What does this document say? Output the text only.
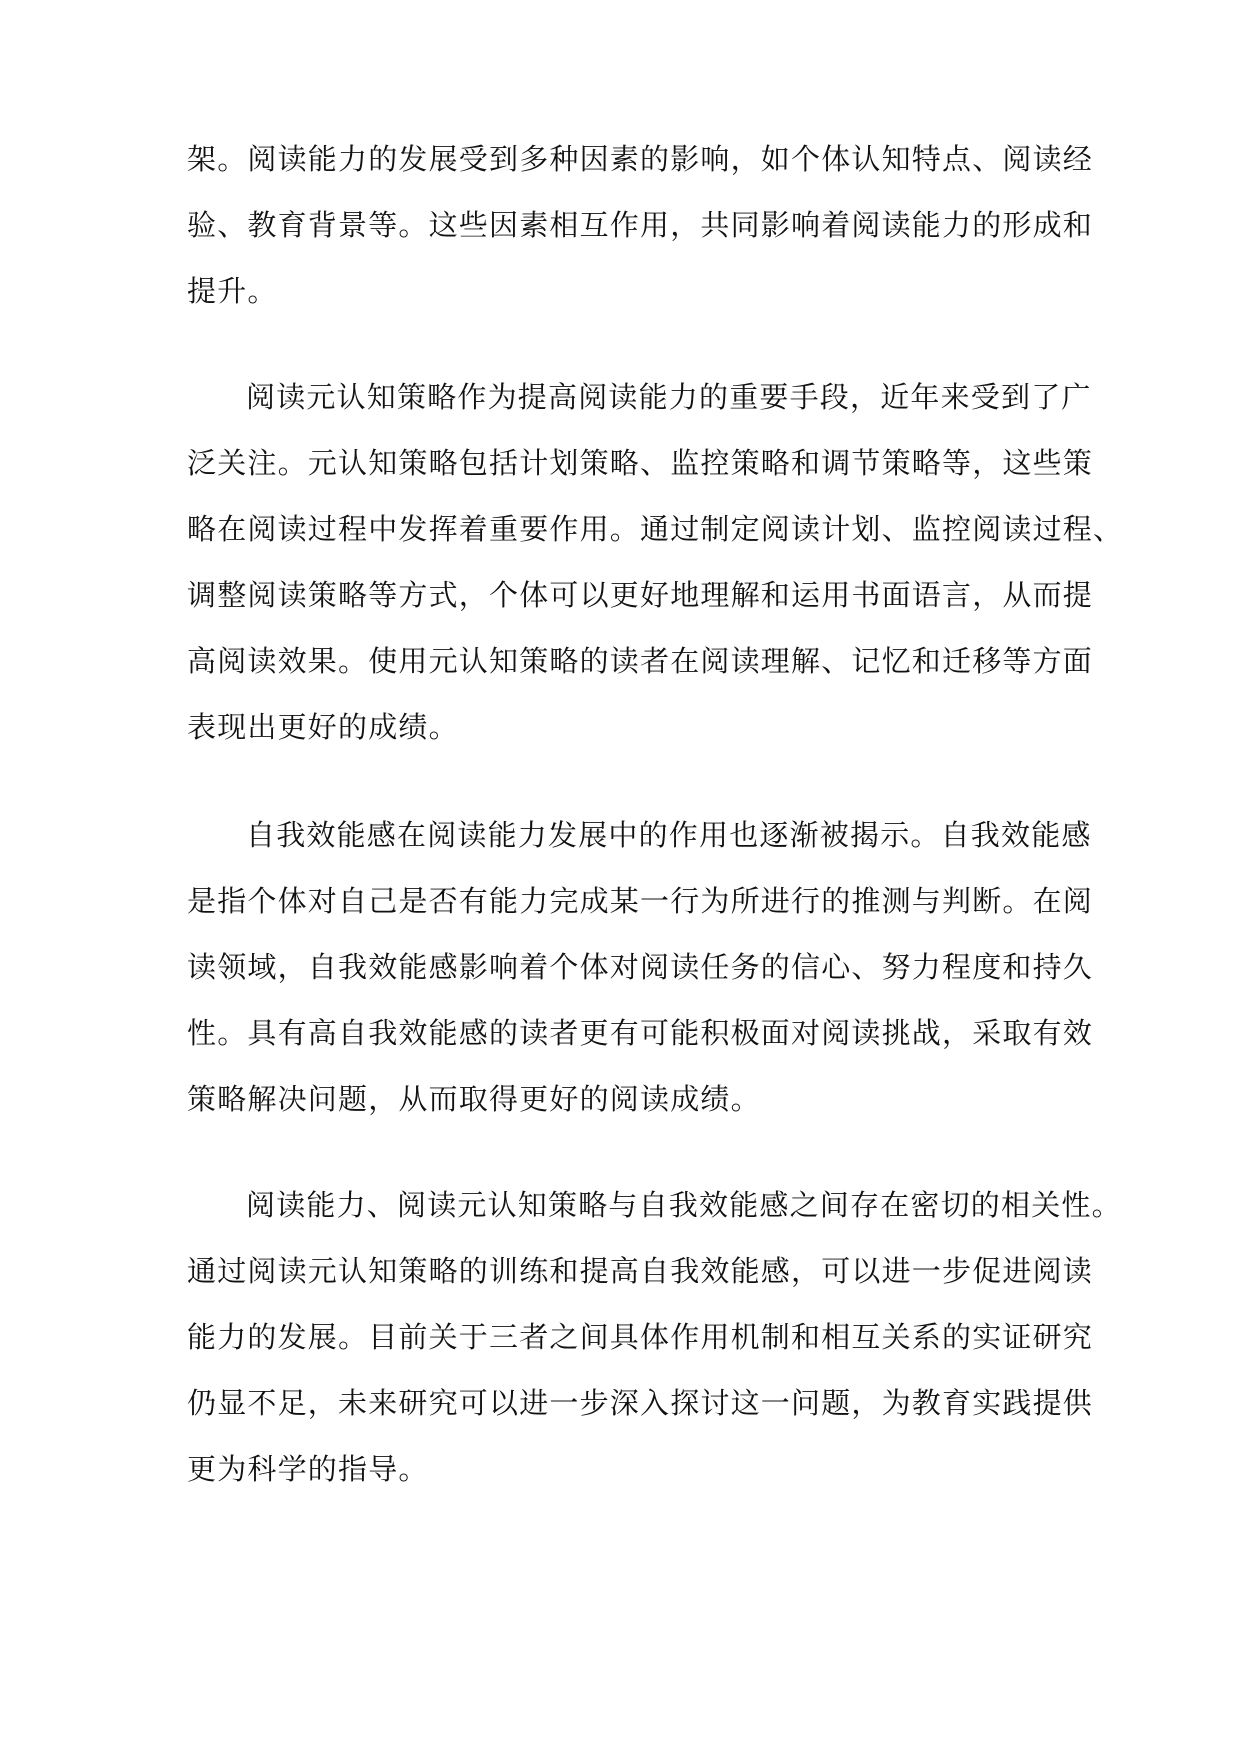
架。阅读能力的发展受到多种因素的影响，如个体认知特点、阅读经
验、教育背景等。这些因素相互作用，共同影响着阅读能力的形成和
提升。
阅读元认知策略作为提高阅读能力的重要手段，近年来受到了广
泛关注。元认知策略包括计划策略、监控策略和调节策略等，这些策
略在阅读过程中发挥着重要作用。通过制定阅读计划、监控阅读过程、
调整阅读策略等方式，个体可以更好地理解和运用书面语言，从而提
高阅读效果。使用元认知策略的读者在阅读理解、记忆和迁移等方面
表现出更好的成绩。
自我效能感在阅读能力发展中的作用也逐渐被揭示。自我效能感
是指个体对自己是否有能力完成某一行为所进行的推测与判断。在阅
读领域，自我效能感影响着个体对阅读任务的信心、努力程度和持久
性。具有高自我效能感的读者更有可能积极面对阅读挑战，采取有效
策略解决问题，从而取得更好的阅读成绩。
阅读能力、阅读元认知策略与自我效能感之间存在密切的相关性。
通过阅读元认知策略的训练和提高自我效能感，可以进一步促进阅读
能力的发展。目前关于三者之间具体作用机制和相互关系的实证研究
仍显不足，未来研究可以进一步深入探讨这一问题，为教育实践提供
更为科学的指导。
